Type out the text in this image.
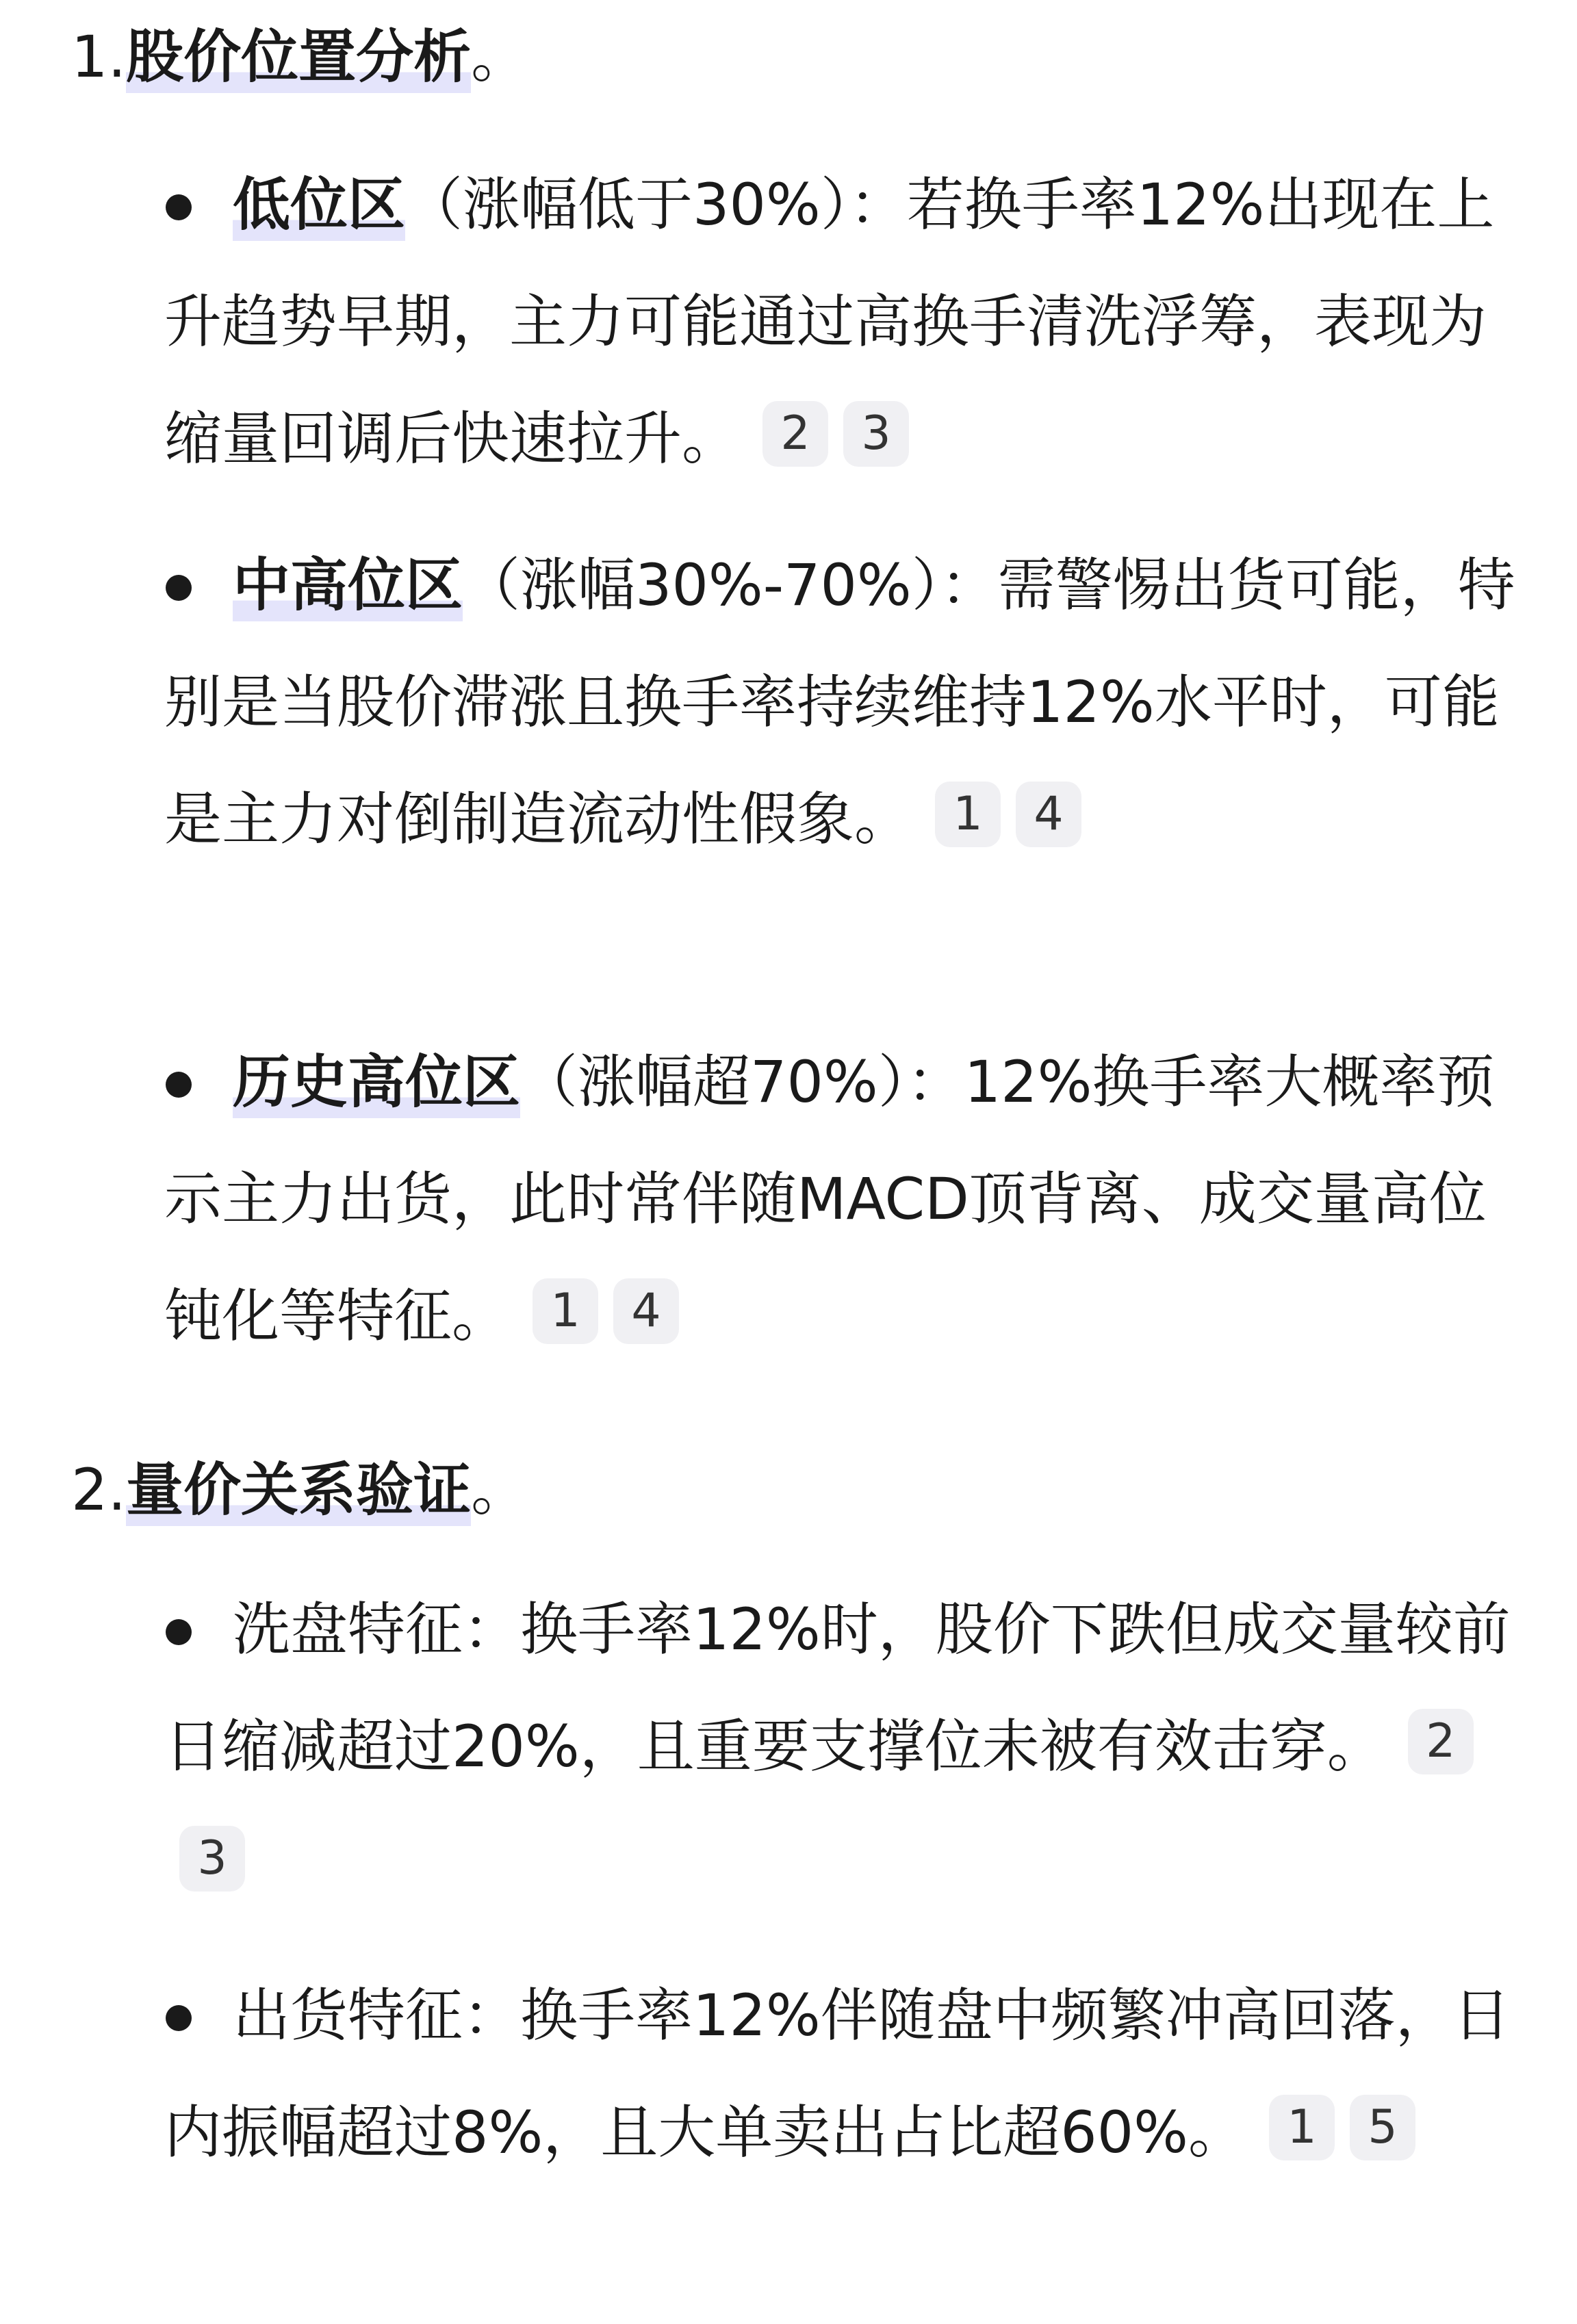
1.股价位置分析。
低位区（涨幅低于30%）：若换手率12%出现在上升趋势早期，主力可能通过高换手清洗浮筹，表现为缩量回调后快速拉升。 2 3
中高位区（涨幅30%-70%）：需警惕出货可能，特别是当股价滞涨且换手率持续维持12%水平时，可能是主力对倒制造流动性假象。 1 4
历史高位区（涨幅超70%）：12%换手率大概率预示主力出货，此时常伴随MACD顶背离、成交量高位钝化等特征。 1 4
2.量价关系验证。
洗盘特征：换手率12%时，股价下跌但成交量较前日缩减超过20%，且重要支撑位未被有效击穿。 23
出货特征：换手率12%伴随盘中频繁冲高回落，日内振幅超过8%，且大单卖出占比超60%。 1 5
